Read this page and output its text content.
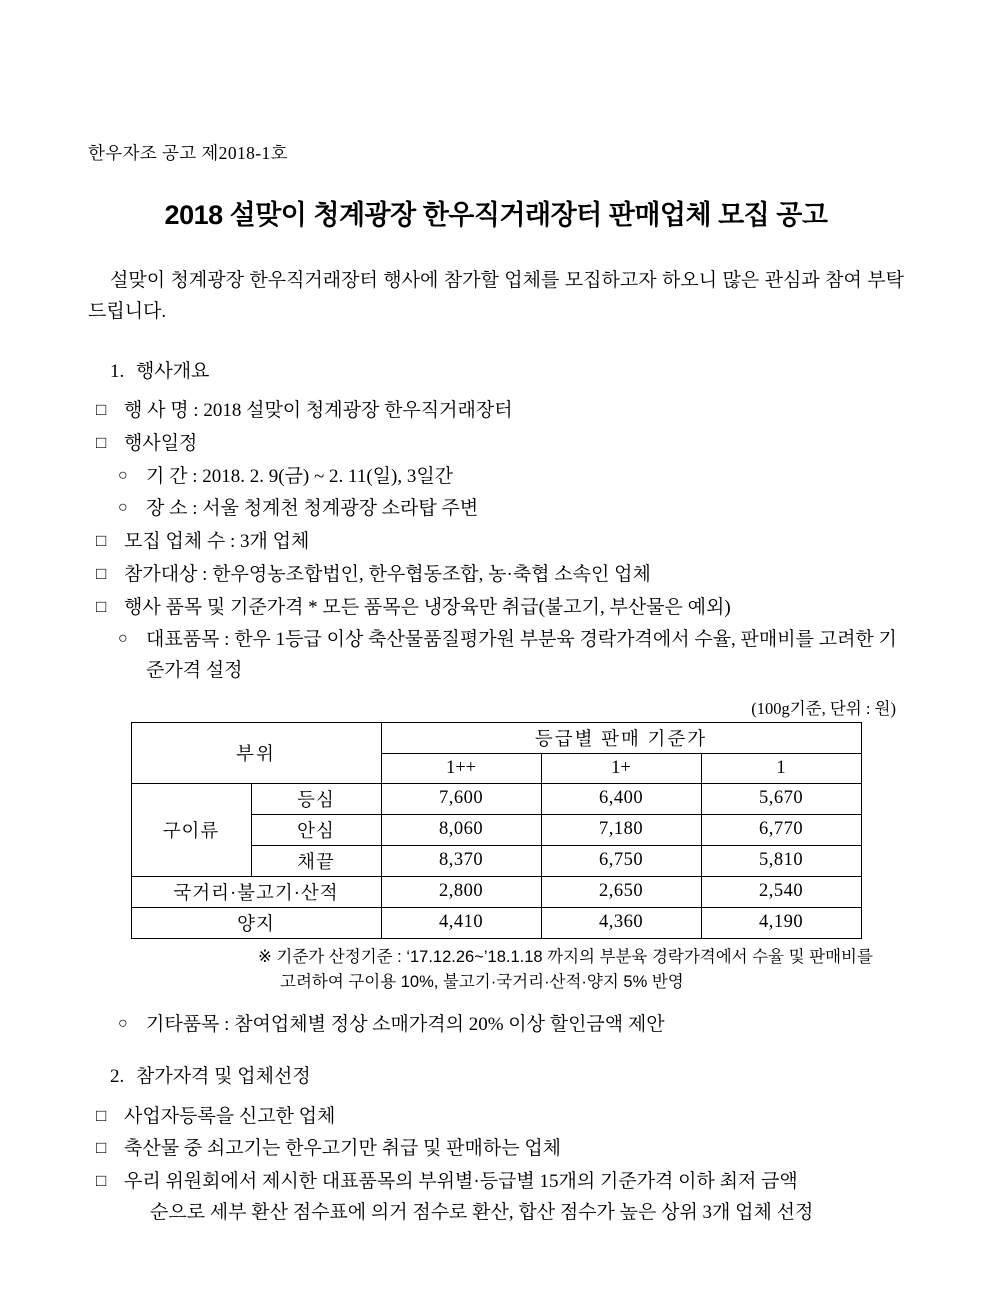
한우자조 공고 제2018-1호
2018 설맞이 청계광장 한우직거래장터 판매업체 모집 공고

설맞이 청계광장 한우직거래장터 행사에 참가할 업체를 모집하고자 하오니 많은 관심과 참여 부탁드립니다.

1. 행사개요
□ 행 사 명 : 2018 설맞이 청계광장 한우직거래장터
□ 행사일정
○ 기 간 : 2018. 2. 9(금) ~ 2. 11(일), 3일간
○ 장 소 : 서울 청계천 청계광장 소라탑 주변
□ 모집 업체 수 : 3개 업체
□ 참가대상 : 한우영농조합법인, 한우협동조합, 농·축협 소속인 업체
□ 행사 품목 및 기준가격 * 모든 품목은 냉장육만 취급(불고기, 부산물은 예외)
○ 대표품목 : 한우 1등급 이상 축산물품질평가원 부분육 경락가격에서 수율, 판매비를 고려한 기준가격 설정
(100g기준, 단위 : 원)
부위		등급별 판매 기준가		
		1++	1+	1
구이류	등심	7,600	6,400	5,670
	안심	8,060	7,180	6,770
	채끝	8,370	6,750	5,810
국거리·불고기·산적		2,800	2,650	2,540
양지		4,410	4,360	4,190
※ 기준가 산정기준 : ‘17.12.26~’18.1.18 까지의 부분육 경락가격에서 수율 및 판매비를
고려하여 구이용 10%, 불고기·국거리·산적·양지 5% 반영
○ 기타품목 : 참여업체별 정상 소매가격의 20% 이상 할인금액 제안
2. 참가자격 및 업체선정
□ 사업자등록을 신고한 업체
□ 축산물 중 쇠고기는 한우고기만 취급 및 판매하는 업체
□ 우리 위원회에서 제시한 대표품목의 부위별·등급별 15개의 기준가격 이하 최저 금액
순으로 세부 환산 점수표에 의거 점수로 환산, 합산 점수가 높은 상위 3개 업체 선정
